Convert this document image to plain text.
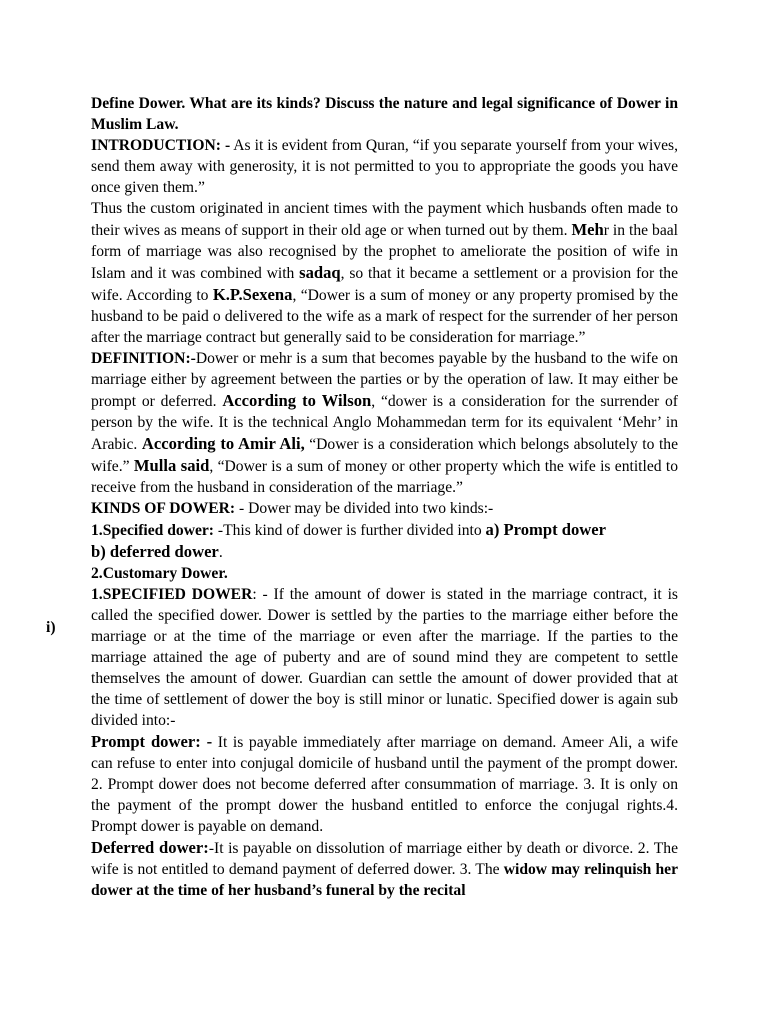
Define Dower. What are its kinds? Discuss the nature and legal significance of Dower in Muslim Law.

INTRODUCTION: - As it is evident from Quran, “if you separate yourself from your wives, send them away with generosity, it is not permitted to you to appropriate the goods you have once given them.”

Thus the custom originated in ancient times with the payment which husbands often made to their wives as means of support in their old age or when turned out by them. Mehr in the baal form of marriage was also recognised by the prophet to ameliorate the position of wife in Islam and it was combined with sadaq, so that it became a settlement or a provision for the wife. According to K.P.Sexena, “Dower is a sum of money or any property promised by the husband to be paid o delivered to the wife as a mark of respect for the surrender of her person after the marriage contract but generally said to be consideration for marriage.”

DEFINITION:-Dower or mehr is a sum that becomes payable by the husband to the wife on marriage either by agreement between the parties or by the operation of law. It may either be prompt or deferred. According to Wilson, “dower is a consideration for the surrender of person by the wife. It is the technical Anglo Mohammedan term for its equivalent ‘Mehr’ in Arabic. According to Amir Ali, “Dower is a consideration which belongs absolutely to the wife.” Mulla said, “Dower is a sum of money or other property which the wife is entitled to receive from the husband in consideration of the marriage.”

KINDS OF DOWER: - Dower may be divided into two kinds:-

1.Specified dower: -This kind of dower is further divided into a) Prompt dower b) deferred dower.

2.Customary Dower.

1.SPECIFIED DOWER: - If the amount of dower is stated in the marriage contract, it is called the specified dower. Dower is settled by the parties to the marriage either before the marriage or at the time of the marriage or even after the marriage. If the parties to the marriage attained the age of puberty and are of sound mind they are competent to settle themselves the amount of dower. Guardian can settle the amount of dower provided that at the time of settlement of dower the boy is still minor or lunatic. Specified dower is again sub divided into:-

Prompt dower: - It is payable immediately after marriage on demand. Ameer Ali, a wife can refuse to enter into conjugal domicile of husband until the payment of the prompt dower. 2. Prompt dower does not become deferred after consummation of marriage. 3. It is only on the payment of the prompt dower the husband entitled to enforce the conjugal rights.4. Prompt dower is payable on demand.

Deferred dower:-It is payable on dissolution of marriage either by death or divorce. 2. The wife is not entitled to demand payment of deferred dower. 3. The widow may relinquish her dower at the time of her husband’s funeral by the recital

i)
